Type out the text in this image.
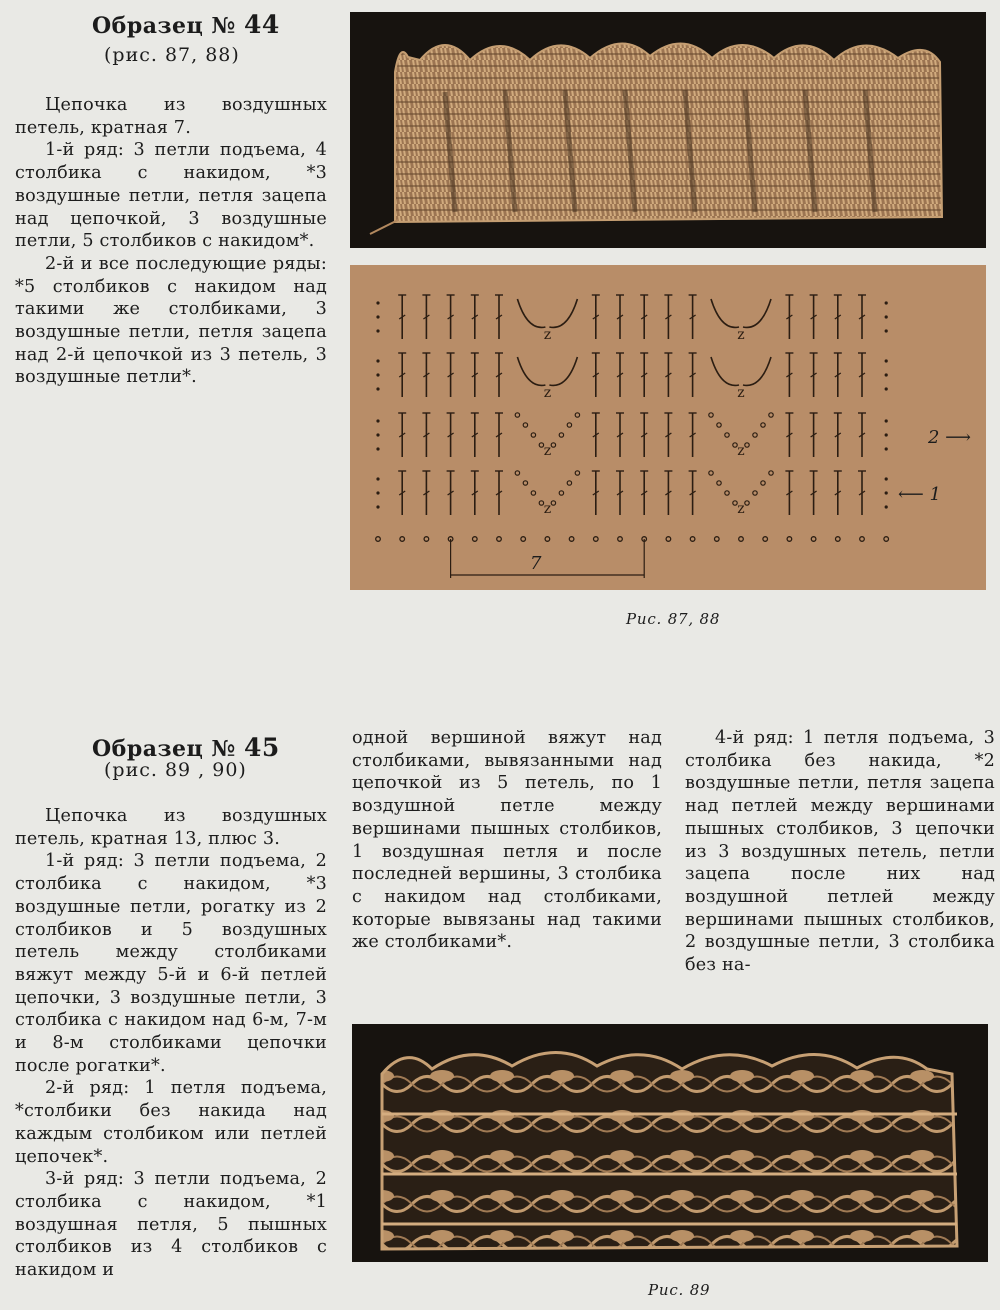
Образец № 44
(рис. 87, 88)

Цепочка из воздушных петель, кратная 7.

1-й ряд: 3 петли подъема, 4 столбика с накидом, *3 воздушные петли, петля зацепа над цепочкой, 3 воздушные петли, 5 столбиков с накидом*.

2-й и все последующие ряды: *5 столбиков с накидом над такими же столбиками, 3 воздушные петли, петля зацепа над 2-й цепочкой из 3 петель, 3 воздушные петли*.

z
z
z
z
z
z
z
z
2 ⟶
⟵ 1
7
Рис. 87, 88
Образец № 45
(рис. 89 , 90)

Цепочка из воздушных петель, кратная 13, плюс 3.

1-й ряд: 3 петли подъема, 2 столбика с накидом, *3 воздушные петли, рогатку из 2 столбиков и 5 воздушных петель между столбиками вяжут между 5-й и 6-й петлей цепочки, 3 воздушные петли, 3 столбика с накидом над 6-м, 7-м и 8-м столбиками цепочки после рогатки*.

2-й ряд: 1 петля подъема, *столбики без накида над каждым столбиком или петлей цепочек*.

3-й ряд: 3 петли подъема, 2 столбика с накидом, *1 воздушная петля, 5 пышных столбиков из 4 столбиков с накидом и

одной вершиной вяжут над столбиками, вывязанными над цепочкой из 5 петель, по 1 воздушной петле между вершинами пышных столбиков, 1 воздушная петля и после последней вершины, 3 столбика с накидом над столбиками, которые вывязаны над такими же столбиками*.

4-й ряд: 1 петля подъема, 3 столбика без накида, *2 воздушные петли, петля зацепа над петлей между вершинами пышных столбиков, 3 цепочки из 3 воздушных петель, петли зацепа после них над воздушной петлей между вершинами пышных столбиков, 2 воздушные петли, 3 столбика без на-

Рис. 89
